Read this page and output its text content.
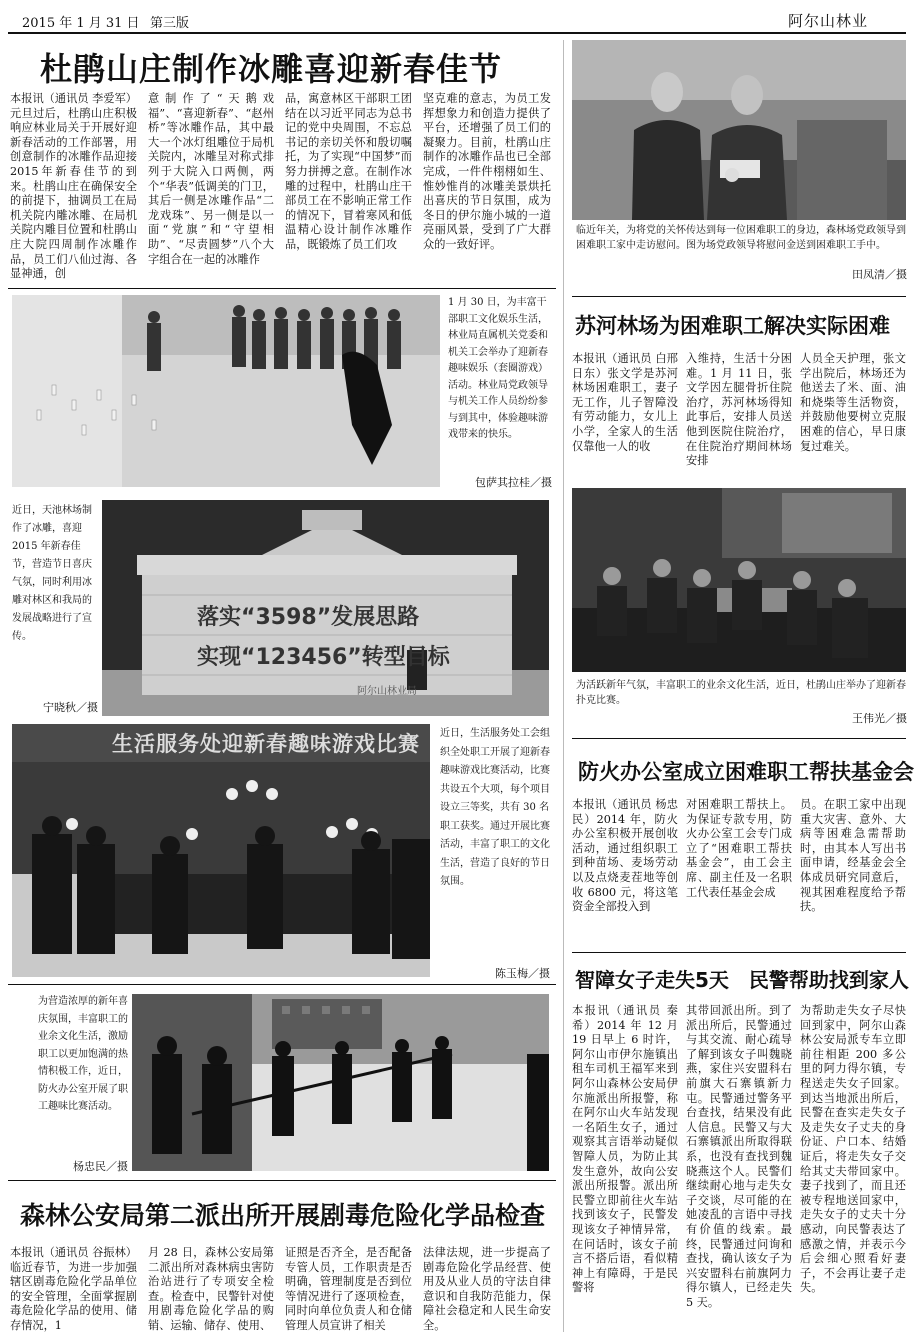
2015 年 1 月 31 日 第三版	阿尔山林业
杜鹃山庄制作冰雕喜迎新春佳节
本报讯（通讯员 李爱军）元旦过后，杜鹃山庄积极响应林业局关于开展好迎新春活动的工作部署，用创意制作的冰雕作品迎接2015年新春佳节的到来。杜鹃山庄在确保安全的前提下，抽调员工在局机关院内雕冰雕、在局机关院内雕目位置和杜鹃山庄大院四周制作冰雕作品，员工们八仙过海、各显神通，创
意制作了“天鹅戏福”、“喜迎新春”、“赵州桥”等冰雕作品，其中最大一个冰灯组雕位于局机关院内，冰雕呈对称式排列于大院入口两侧，两个“华表”低调美的门卫，其后一侧是冰雕作品“二龙戏珠”、另一侧是以一面“党旗”和“守望相助”、“尽责圆梦”八个大字组合在一起的冰雕作
品，寓意林区干部职工团结在以习近平同志为总书记的党中央周围，不忘总书记的亲切关怀和殷切嘱托，为了实现“中国梦”而努力拼搏之意。在制作冰雕的过程中，杜鹃山庄干部员工在不影响正常工作的情况下，冒着寒风和低温精心设计制作冰雕作品，既锻炼了员工们攻
坚克难的意志，为员工发挥想象力和创造力提供了平台，还增强了员工们的凝聚力。目前，杜鹃山庄制作的冰雕作品也已全部完成，一件件栩栩如生、惟妙惟肖的冰雕美景烘托出喜庆的节日氛围，成为冬日的伊尔施小城的一道亮丽风景，受到了广大群众的一致好评。
临近年关，为将党的关怀传达到每一位困难职工的身边，森林场党政领导到困难职工家中走访慰问。图为场党政领导将慰问金送到困难职工手中。
田凤清／摄
1 月 30 日，为丰富干部职工文化娱乐生活，林业局直属机关党委和机关工会举办了迎新春趣味娱乐（套圈游戏）活动。林业局党政领导与机关工作人员纷纷参与到其中，体验趣味游戏带来的快乐。
包萨其拉桂／摄
苏河林场为困难职工解决实际困难
本报讯（通讯员 白邢日东）张文学是苏河林场困难职工，妻子无工作，儿子智障没有劳动能力，女儿上小学，全家人的生活仅靠他一人的收
入维持，生活十分困难。1 月 11 日，张文学因左腿骨折住院治疗，苏河林场得知此事后，安排人员送他到医院住院治疗，在住院治疗期间林场安排
人员全天护理，张文学出院后，林场还为他送去了米、面、油和烧柴等生活物资，并鼓励他要树立克服困难的信心，早日康复过难关。
近日，天池林场制作了冰雕，喜迎 2015 年新春佳节，营造节日喜庆气氛，同时利用冰雕对林区和我局的发展战略进行了宣传。
宁晓秋／摄
落实“3598”发展思路
实现“123456”转型目标
阿尔山林业局
为活跃新年气氛，丰富职工的业余文化生活，近日，杜鹃山庄举办了迎新春扑克比赛。
王伟光／摄
生活服务处迎新春趣味游戏比赛 近日，生活服务处工会组织全处职工开展了迎新春趣味游戏比赛活动，比赛共设五个大项，每个项目设立三等奖，共有 30 名职工获奖。通过开展比赛活动，丰富了职工的文化生活，营造了良好的节日氛围。
陈玉梅／摄
防火办公室成立困难职工帮扶基金会
本报讯（通讯员 杨忠民）2014 年，防火办公室积极开展创收活动，通过组织职工到种苗场、麦场劳动以及点烧麦茬地等创收 6800 元，将这笔资金全部投入到
对困难职工帮扶上。为保证专款专用，防火办公室工会专门成立了“困难职工帮扶基金会”，由工会主席、副主任及一名职工代表任基金会成
员。在职工家中出现重大灾害、意外、大病等困难急需帮助时，由其本人写出书面申请，经基金会全体成员研究同意后，视其困难程度给予帮扶。
为营造浓厚的新年喜庆氛围，丰富职工的业余文化生活，激励职工以更加饱满的热情积极工作，近日，防火办公室开展了职工趣味比赛活动。
杨忠民／摄
智障女子走失5天　民警帮助找到家人
本报讯（通讯员 秦希）2014 年 12 月 19 日早上 6 时许，阿尔山市伊尔施镇出租车司机王福军来到阿尔山森林公安局伊尔施派出所报警，称在阿尔山火车站发现一名陌生女子，通过观察其言语举动疑似智障人员，为防止其发生意外，故向公安派出所报警。派出所民警立即前往火车站找到该女子，民警发现该女子神情异常，在问话时，该女子前言不搭后语，看似精神上有障碍，于是民警将
其带回派出所。到了派出所后，民警通过与其交流、耐心疏导了解到该女子叫魏晓燕，家住兴安盟科右前旗大石寨镇新力屯。民警通过警务平台查找，结果没有此人信息。民警又与大石寨镇派出所取得联系，也没有查找到魏晓燕这个人。民警们继续耐心地与走失女子交谈，尽可能的在她凌乱的言语中寻找有价值的线索。最终，民警通过问询和查找，确认该女子为兴安盟科右前旗阿力得尔镇人，已经走失 5 天。
为帮助走失女子尽快回到家中，阿尔山森林公安局派专车立即前往相距 200 多公里的阿力得尔镇，专程送走失女子回家。到达当地派出所后，民警在查实走失女子及走失女子丈夫的身份证、户口本、结婚证后，将走失女子交给其丈夫带回家中。妻子找到了，而且还被专程地送回家中，走失女子的丈夫十分感动，向民警表达了感激之情，并表示今后会细心照看好妻子，不会再让妻子走失。
森林公安局第二派出所开展剧毒危险化学品检查
本报讯（通讯员 谷振林）临近春节，为进一步加强辖区剧毒危险化学品单位的安全管理，全面掌握剧毒危险化学品的使用、储存情况，1
月 28 日，森林公安局第二派出所对森林病虫害防治站进行了专项安全检查。检查中，民警针对使用剧毒危险化学品的购销、运输、储存、使用、
证照是否齐全，是否配备专管人员，工作职责是否明确，管理制度是否到位等情况进行了逐项检查，同时向单位负责人和仓储管理人员宣讲了相关
法律法规，进一步提高了剧毒危险化学品经营、使用及从业人员的守法自律意识和自我防范能力，保障社会稳定和人民生命安全。
